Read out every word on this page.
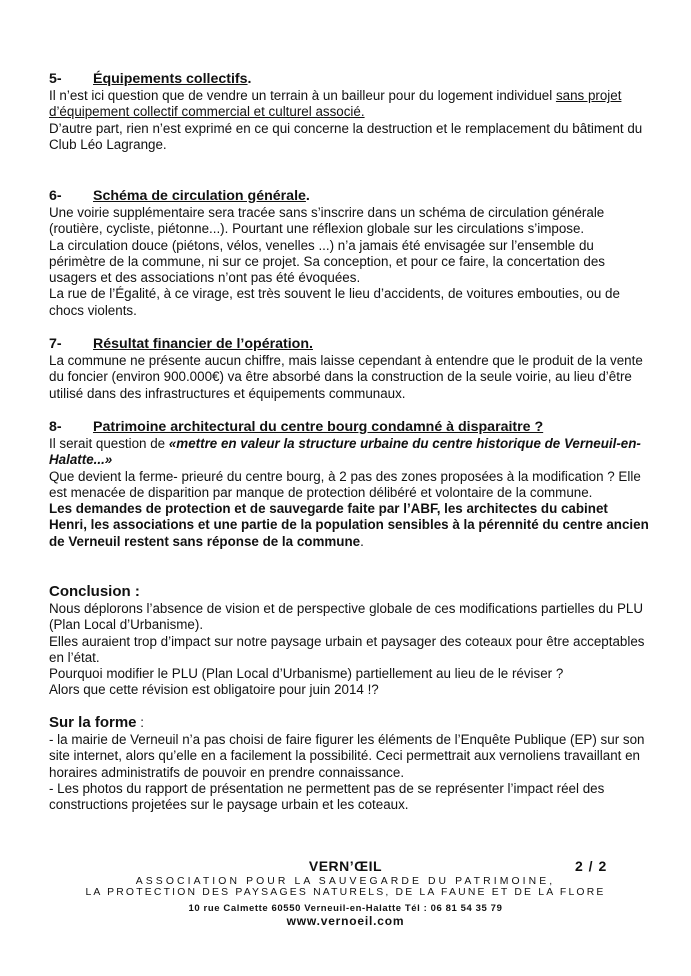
5- Équipements collectifs.

Il n’est ici question que de vendre un terrain à un bailleur pour du logement individuel sans projet d’équipement collectif commercial et culturel associé.

D’autre part, rien n’est exprimé en ce qui concerne la destruction et le remplacement du bâtiment du Club Léo Lagrange.

6- Schéma de circulation générale.

Une voirie supplémentaire sera tracée sans s’inscrire dans un schéma de circulation générale (routière, cycliste, piétonne...). Pourtant une réflexion globale sur les circulations s’impose.

La circulation douce (piétons, vélos, venelles ...) n’a jamais été envisagée sur l’ensemble du périmètre de la commune, ni sur ce projet. Sa conception, et pour ce faire, la concertation des usagers et des associations n’ont pas été évoquées.

La rue de l’Égalité, à ce virage, est très souvent le lieu d’accidents, de voitures embouties, ou de chocs violents.

7- Résultat financier de l’opération.

La commune ne présente aucun chiffre, mais laisse cependant à entendre que le produit de la vente du foncier (environ 900.000€) va être absorbé dans la construction de la seule voirie, au lieu d’être utilisé dans des infrastructures et équipements communaux.

8- Patrimoine architectural du centre bourg condamné à disparaitre ?

Il serait question de «mettre en valeur la structure urbaine du centre historique de Verneuil-en-Halatte...»

Que devient la ferme- prieuré du centre bourg, à 2 pas des zones proposées à la modification ? Elle est menacée de disparition par manque de protection délibéré et volontaire de la commune.

Les demandes de protection et de sauvegarde faite par l’ABF, les architectes du cabinet Henri, les associations et une partie de la population sensibles à la pérennité du centre ancien de Verneuil restent sans réponse de la commune.

Conclusion :

Nous déplorons l’absence de vision et de perspective globale de ces modifications partielles du PLU (Plan Local d’Urbanisme).

Elles auraient trop d’impact sur notre paysage urbain et paysager des coteaux pour être acceptables en l’état.

Pourquoi modifier le PLU (Plan Local d’Urbanisme) partiellement au lieu de le réviser ?

Alors que cette révision est obligatoire pour juin 2014 !?

Sur la forme :

- la mairie de Verneuil n’a pas choisi de faire figurer les éléments de l’Enquête Publique (EP) sur son site internet, alors qu’elle en a facilement la possibilité. Ceci permettrait aux vernoliens travaillant en horaires administratifs de pouvoir en prendre connaissance.

- Les photos du rapport de présentation ne permettent pas de se représenter l’impact réel des constructions projetées sur le paysage urbain et les coteaux.

VERN’ŒIL	2 / 2
ASSOCIATION POUR LA SAUVEGARDE DU PATRIMOINE,
LA PROTECTION DES PAYSAGES NATURELS, DE LA FAUNE ET DE LA FLORE
10 rue Calmette 60550 Verneuil-en-Halatte Tél : 06 81 54 35 79
www.vernoeil.com
